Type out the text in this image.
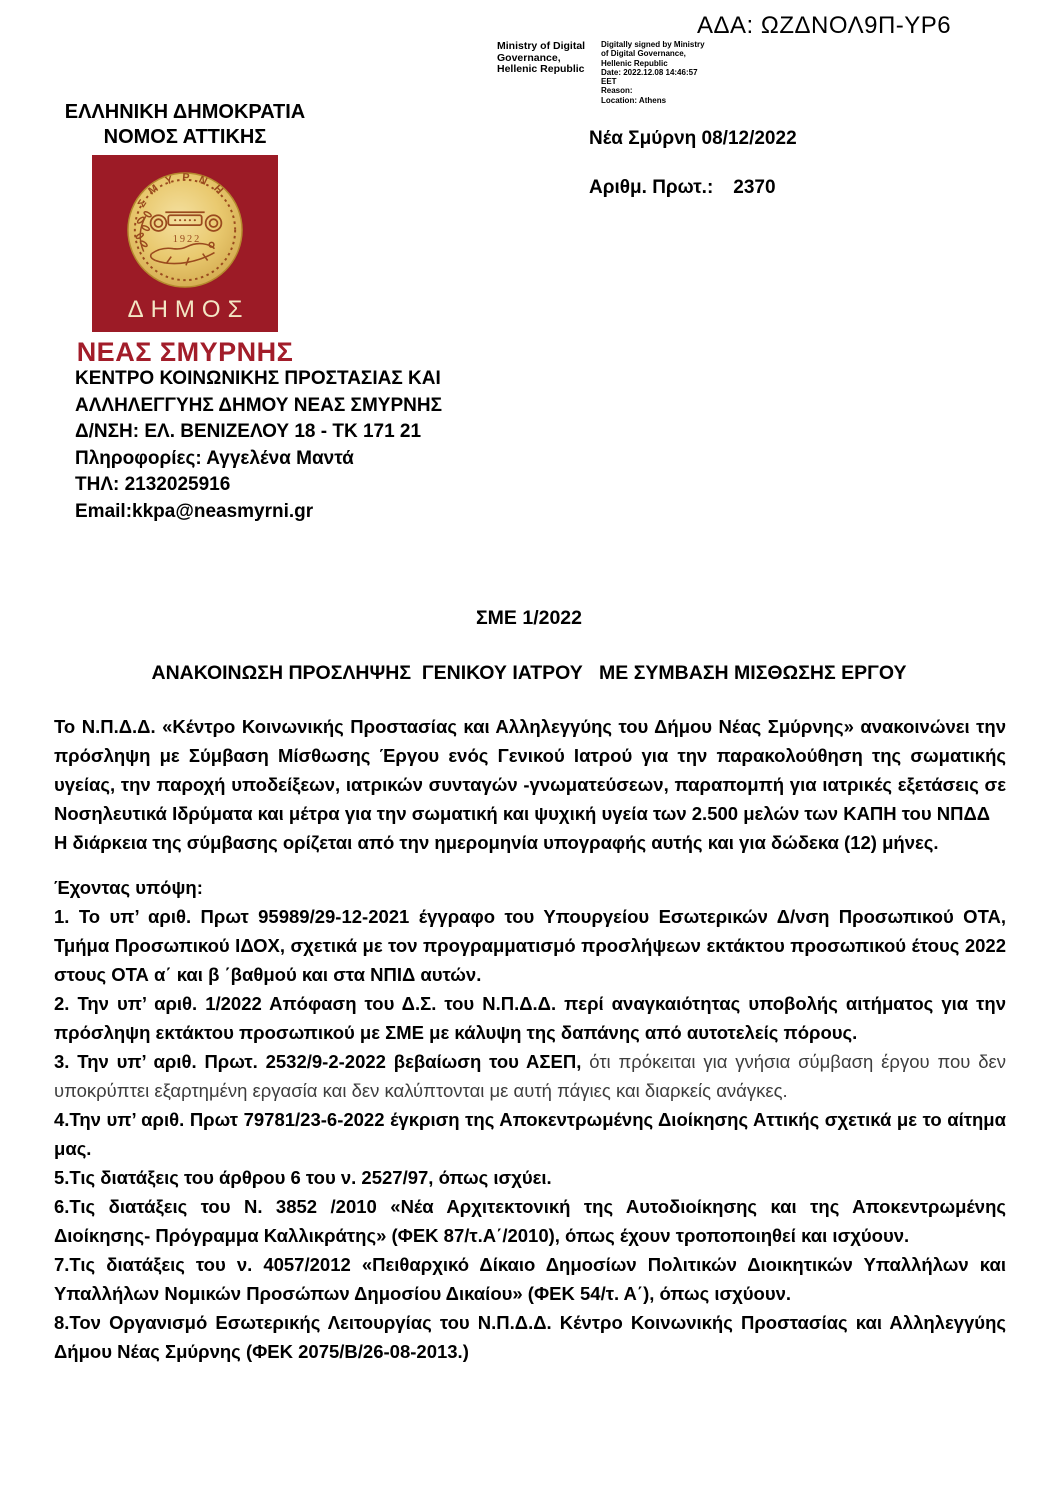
ΑΔΑ: ΩΖΔΝΟΛ9Π-ΥΡ6
Ministry of Digital
Governance,
Hellenic Republic
Digitally signed by Ministry
of Digital Governance,
Hellenic Republic
Date: 2022.12.08 14:46:57
EET
Reason:
Location: Athens
ΕΛΛΗΝΙΚΗ ΔΗΜΟΚΡΑΤΙΑ
ΝΟΜΟΣ ΑΤΤΙΚΗΣ
ΣΜΥΡΝΗ
1922
ΔΗΜΟΣ
ΝΕΑΣ ΣΜΥΡΝΗΣ
Νέα Σμύρνη 08/12/2022
Αριθμ. Πρωτ.: 2370
ΚΕΝΤΡΟ ΚΟΙΝΩΝΙΚΗΣ ΠΡΟΣΤΑΣΙΑΣ ΚΑΙ
ΑΛΛΗΛΕΓΓΥΗΣ ΔΗΜΟΥ ΝΕΑΣ ΣΜΥΡΝΗΣ
Δ/ΝΣΗ: ΕΛ. ΒΕΝΙΖΕΛΟΥ 18 - ΤΚ 171 21
Πληροφορίες: Αγγελένα Μαντά
ΤΗΛ: 2132025916
Email:kkpa@neasmyrni.gr
ΣΜΕ 1/2022
ΑΝΑΚΟΙΝΩΣΗ ΠΡΟΣΛΗΨΗΣ  ΓΕΝΙΚΟΥ ΙΑΤΡΟΥ   ΜΕ ΣΥΜΒΑΣΗ ΜΙΣΘΩΣΗΣ ΕΡΓΟΥ

Το Ν.Π.Δ.Δ. «Κέντρο Κοινωνικής Προστασίας και Αλληλεγγύης του Δήμου Νέας Σμύρνης» ανακοινώνει την πρόσληψη με Σύμβαση Μίσθωσης Έργου ενός Γενικού Ιατρού για την παρακολούθηση της σωματικής υγείας, την παροχή υποδείξεων, ιατρικών συνταγών -γνωματεύσεων, παραπομπή για ιατρικές εξετάσεις σε Νοσηλευτικά Ιδρύματα και μέτρα για την σωματική και ψυχική υγεία των 2.500 μελών των ΚΑΠΗ του ΝΠΔΔ

Η διάρκεια της σύμβασης ορίζεται από την ημερομηνία υπογραφής αυτής και για δώδεκα (12) μήνες.

Έχοντας υπόψη:

1. Το υπ’ αριθ. Πρωτ 95989/29-12-2021 έγγραφο του Υπουργείου Εσωτερικών Δ/νση Προσωπικού ΟΤΑ, Τμήμα Προσωπικού ΙΔΟΧ, σχετικά με τον προγραμματισμό προσλήψεων εκτάκτου προσωπικού έτους 2022 στους ΟΤΑ α΄ και β ΄βαθμού και στα ΝΠΙΔ αυτών.

2. Την υπ’ αριθ. 1/2022 Απόφαση του Δ.Σ. του Ν.Π.Δ.Δ. περί αναγκαιότητας υποβολής αιτήματος για την πρόσληψη εκτάκτου προσωπικού με ΣΜΕ με κάλυψη της δαπάνης από αυτοτελείς πόρους.

3. Την υπ’ αριθ. Πρωτ. 2532/9-2-2022 βεβαίωση του ΑΣΕΠ, ότι πρόκειται για γνήσια σύμβαση έργου που δεν υποκρύπτει εξαρτημένη εργασία και δεν καλύπτονται με αυτή πάγιες και διαρκείς ανάγκες.

4.Την υπ’ αριθ. Πρωτ 79781/23-6-2022 έγκριση της Αποκεντρωμένης Διοίκησης Αττικής σχετικά με το αίτημα μας.

5.Τις διατάξεις του άρθρου 6 του ν. 2527/97, όπως ισχύει.

6.Τις διατάξεις του Ν. 3852 /2010 «Νέα Αρχιτεκτονική της Αυτοδιοίκησης και της Αποκεντρωμένης Διοίκησης- Πρόγραμμα Καλλικράτης» (ΦΕΚ 87/τ.Α΄/2010), όπως έχουν τροποποιηθεί και ισχύουν.

7.Τις διατάξεις του ν. 4057/2012 «Πειθαρχικό Δίκαιο Δημοσίων Πολιτικών Διοικητικών Υπαλλήλων και Υπαλλήλων Νομικών Προσώπων Δημοσίου Δικαίου» (ΦΕΚ 54/τ. Α΄), όπως ισχύουν.

8.Τον Οργανισμό Εσωτερικής Λειτουργίας του Ν.Π.Δ.Δ. Κέντρο Κοινωνικής Προστασίας και Αλληλεγγύης Δήμου Νέας Σμύρνης (ΦΕΚ 2075/Β/26-08-2013.)
